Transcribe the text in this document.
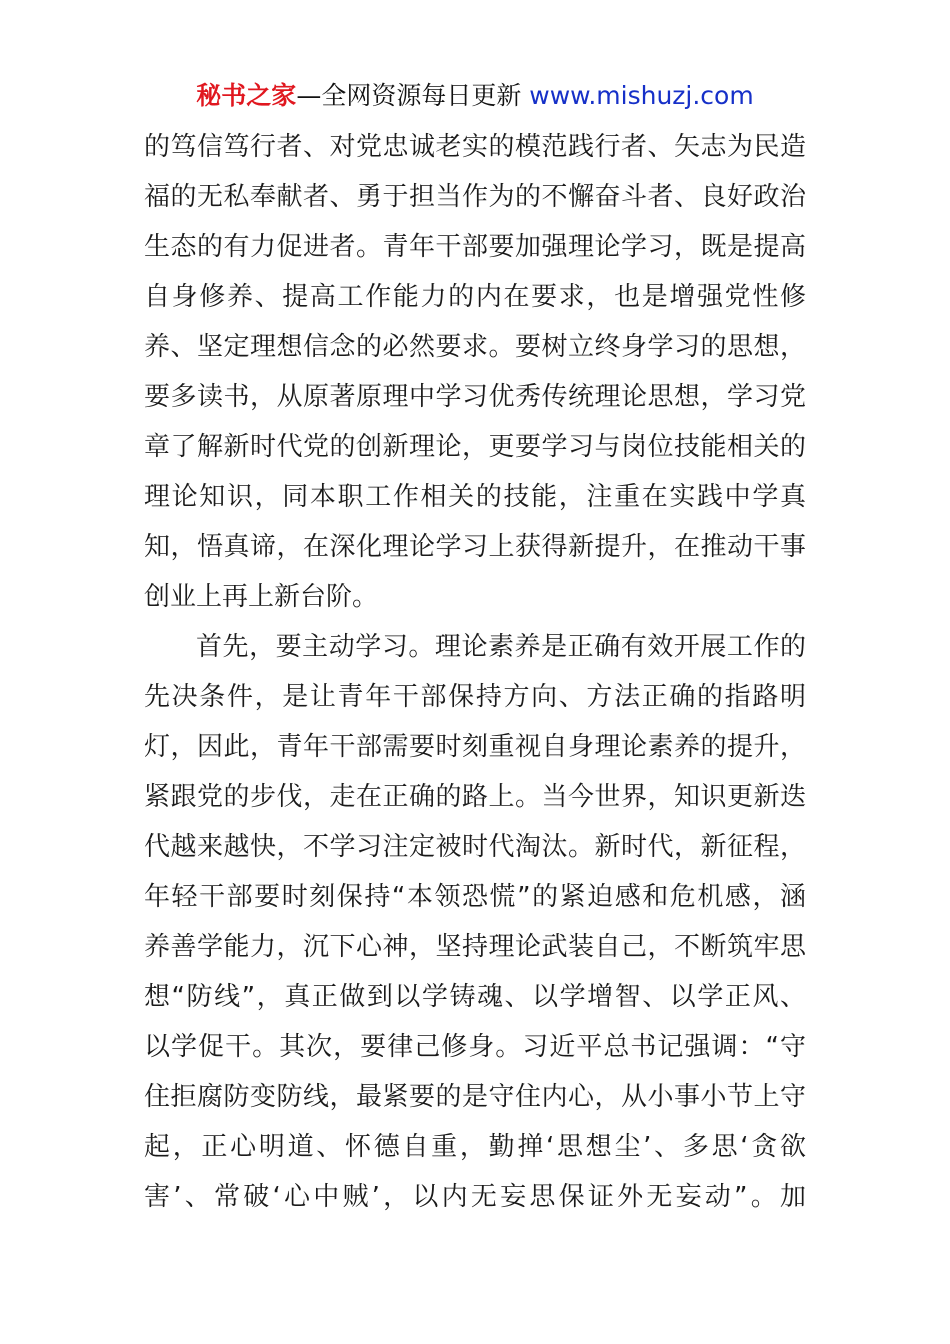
秘书之家—全网资源每日更新 www.mishuzj.com
的笃信笃行者、对党忠诚老实的模范践行者、矢志为民造
福的无私奉献者、勇于担当作为的不懈奋斗者、良好政治
生态的有力促进者。青年干部要加强理论学习，既是提高
自身修养、提高工作能力的内在要求，也是增强党性修
养、坚定理想信念的必然要求。要树立终身学习的思想，
要多读书，从原著原理中学习优秀传统理论思想，学习党
章了解新时代党的创新理论，更要学习与岗位技能相关的
理论知识，同本职工作相关的技能，注重在实践中学真
知，悟真谛，在深化理论学习上获得新提升，在推动干事
创业上再上新台阶。
首先，要主动学习。理论素养是正确有效开展工作的
先决条件，是让青年干部保持方向、方法正确的指路明
灯，因此，青年干部需要时刻重视自身理论素养的提升，
紧跟党的步伐，走在正确的路上。当今世界，知识更新迭
代越来越快，不学习注定被时代淘汰。新时代，新征程，
年轻干部要时刻保持“本领恐慌”的紧迫感和危机感，涵
养善学能力，沉下心神，坚持理论武装自己，不断筑牢思
想“防线”，真正做到以学铸魂、以学增智、以学正风、
以学促干。其次，要律己修身。习近平总书记强调：“守
住拒腐防变防线，最紧要的是守住内心，从小事小节上守
起，正心明道、怀德自重，勤掸‘思想尘’、多思‘贪欲
害’、常破‘心中贼’，以内无妄思保证外无妄动”。加
